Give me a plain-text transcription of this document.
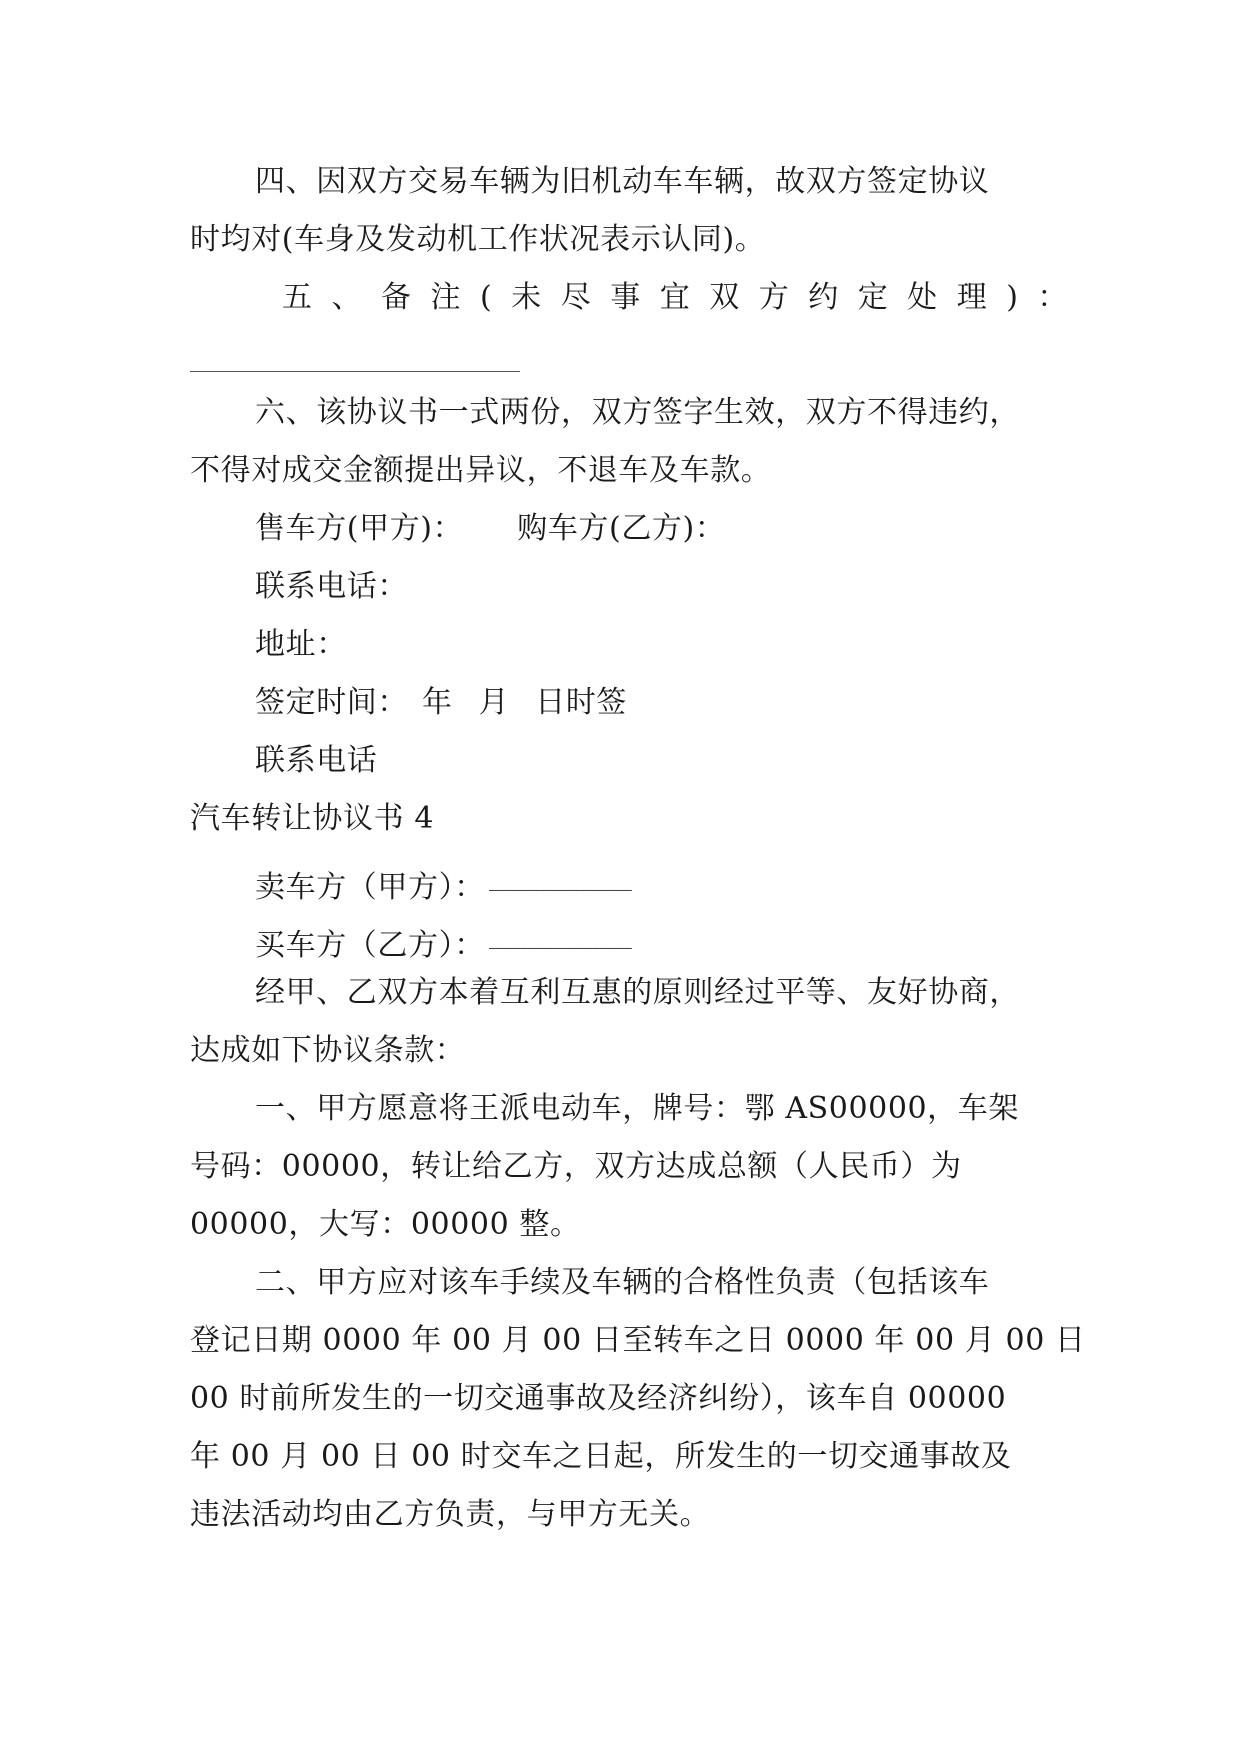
四、因双方交易车辆为旧机动车车辆，故双方签定协议
时均对(车身及发动机工作状况表示认同)。
五、备注(未尽事宜双方约定处理)：
六、该协议书一式两份，双方签字生效，双方不得违约，
不得对成交金额提出异议，不退车及车款。
售车方(甲方)： 购车方(乙方)：
联系电话：
地址：
签定时间： 年 月 日时签
联系电话
汽车转让协议书 4
卖车方（甲方）： ___________
买车方（乙方）： ___________
经甲、乙双方本着互利互惠的原则经过平等、友好协商，
达成如下协议条款：
一、甲方愿意将王派电动车，牌号：鄂 AS00000，车架
号码：00000，转让给乙方，双方达成总额（人民币）为
00000，大写：00000 整。
二、甲方应对该车手续及车辆的合格性负责（包括该车
登记日期 0000 年 00 月 00 日至转车之日 0000 年 00 月 00 日
00 时前所发生的一切交通事故及经济纠纷），该车自 00000
年 00 月 00 日 00 时交车之日起，所发生的一切交通事故及
违法活动均由乙方负责，与甲方无关。
